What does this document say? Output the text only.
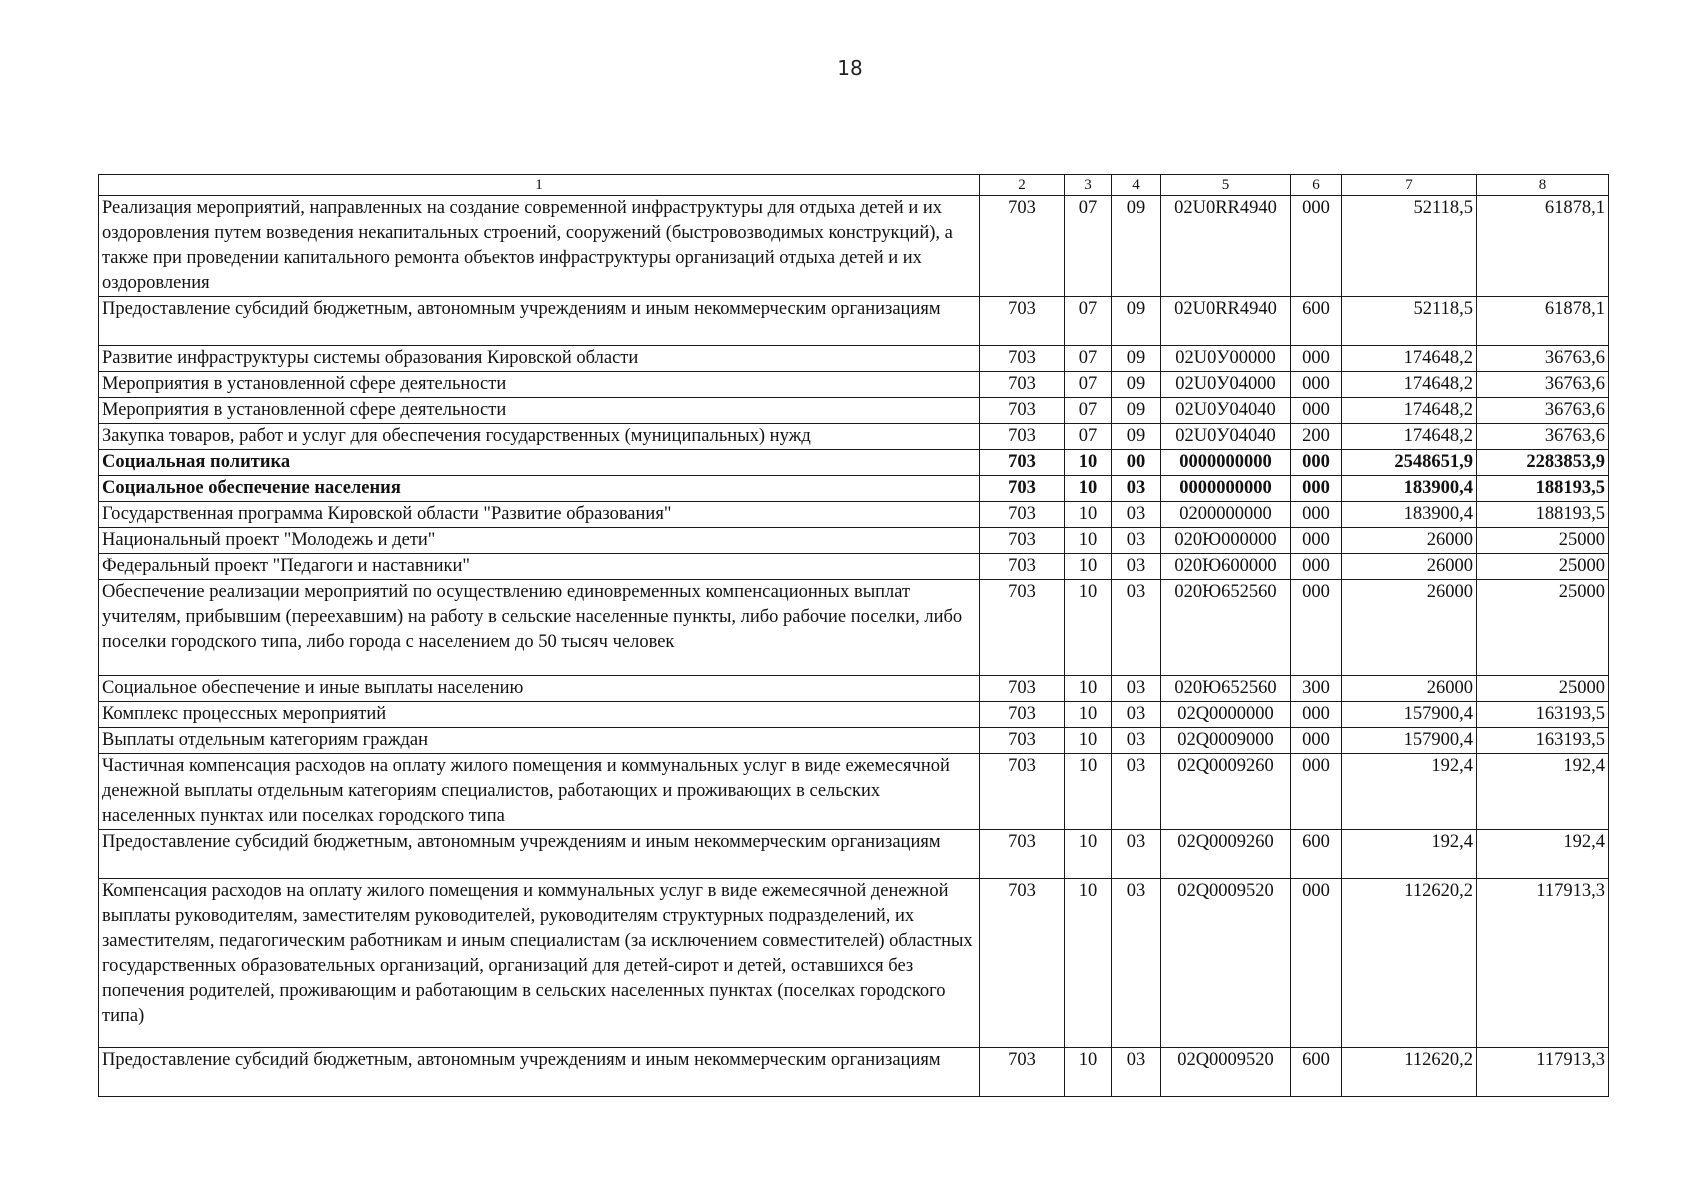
18
1	2	3	4	5	6	7	8
Реализация мероприятий, направленных на создание современной инфраструктуры для отдыха детей и их оздоровления путем возведения некапитальных строений, сооружений (быстровозводимых конструкций), а также при проведении капитального ремонта объектов инфраструктуры организаций отдыха детей и их оздоровления	703	07	09	02U0RR4940	000	52118,5	61878,1
Предоставление субсидий бюджетным, автономным учреждениям и иным некоммерческим организациям	703	07	09	02U0RR4940	600	52118,5	61878,1
Развитие инфраструктуры системы образования Кировской области	703	07	09	02U0У00000	000	174648,2	36763,6
Мероприятия в установленной сфере деятельности	703	07	09	02U0У04000	000	174648,2	36763,6
Мероприятия в установленной сфере деятельности	703	07	09	02U0У04040	000	174648,2	36763,6
Закупка товаров, работ и услуг для обеспечения государственных (муниципальных) нужд	703	07	09	02U0У04040	200	174648,2	36763,6
Социальная политика	703	10	00	0000000000	000	2548651,9	2283853,9
Социальное обеспечение населения	703	10	03	0000000000	000	183900,4	188193,5
Государственная программа Кировской области "Развитие образования"	703	10	03	0200000000	000	183900,4	188193,5
Национальный проект "Молодежь и дети"	703	10	03	020Ю000000	000	26000	25000
Федеральный проект "Педагоги и наставники"	703	10	03	020Ю600000	000	26000	25000
Обеспечение реализации мероприятий по осуществлению единовременных компенсационных выплат учителям, прибывшим (переехавшим) на работу в сельские населенные пункты, либо рабочие поселки, либо поселки городского типа, либо города с населением до 50 тысяч человек	703	10	03	020Ю652560	000	26000	25000
Социальное обеспечение и иные выплаты населению	703	10	03	020Ю652560	300	26000	25000
Комплекс процессных мероприятий	703	10	03	02Q0000000	000	157900,4	163193,5
Выплаты отдельным категориям граждан	703	10	03	02Q0009000	000	157900,4	163193,5
Частичная компенсация расходов на оплату жилого помещения и коммунальных услуг в виде ежемесячной денежной выплаты отдельным категориям специалистов, работающих и проживающих в сельских населенных пунктах или поселках городского типа	703	10	03	02Q0009260	000	192,4	192,4
Предоставление субсидий бюджетным, автономным учреждениям и иным некоммерческим организациям	703	10	03	02Q0009260	600	192,4	192,4
Компенсация расходов на оплату жилого помещения и коммунальных услуг в виде ежемесячной денежной выплаты руководителям, заместителям руководителей, руководителям структурных подразделений, их заместителям, педагогическим работникам и иным специалистам (за исключением совместителей) областных государственных образовательных организаций, организаций для детей-сирот и детей, оставшихся без попечения родителей, проживающим и работающим в сельских населенных пунктах (поселках городского типа)	703	10	03	02Q0009520	000	112620,2	117913,3
Предоставление субсидий бюджетным, автономным учреждениям и иным некоммерческим организациям	703	10	03	02Q0009520	600	112620,2	117913,3
